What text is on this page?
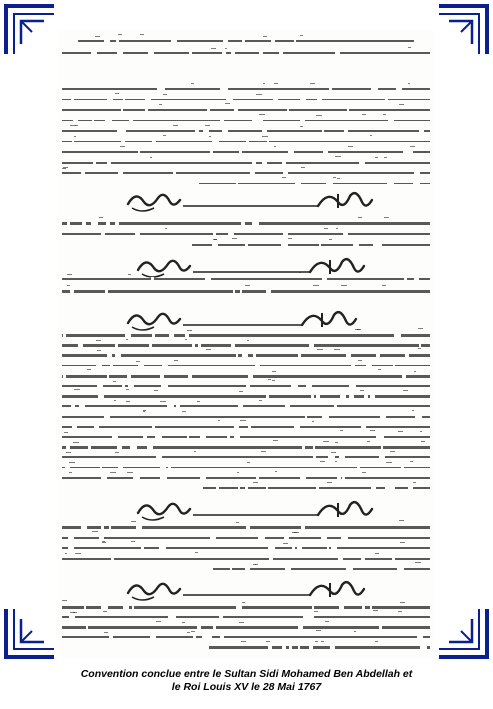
Convention conclue entre le Sultan Sidi Mohamed Ben Abdellah et
le Roi Louis XV le 28 Mai 1767
